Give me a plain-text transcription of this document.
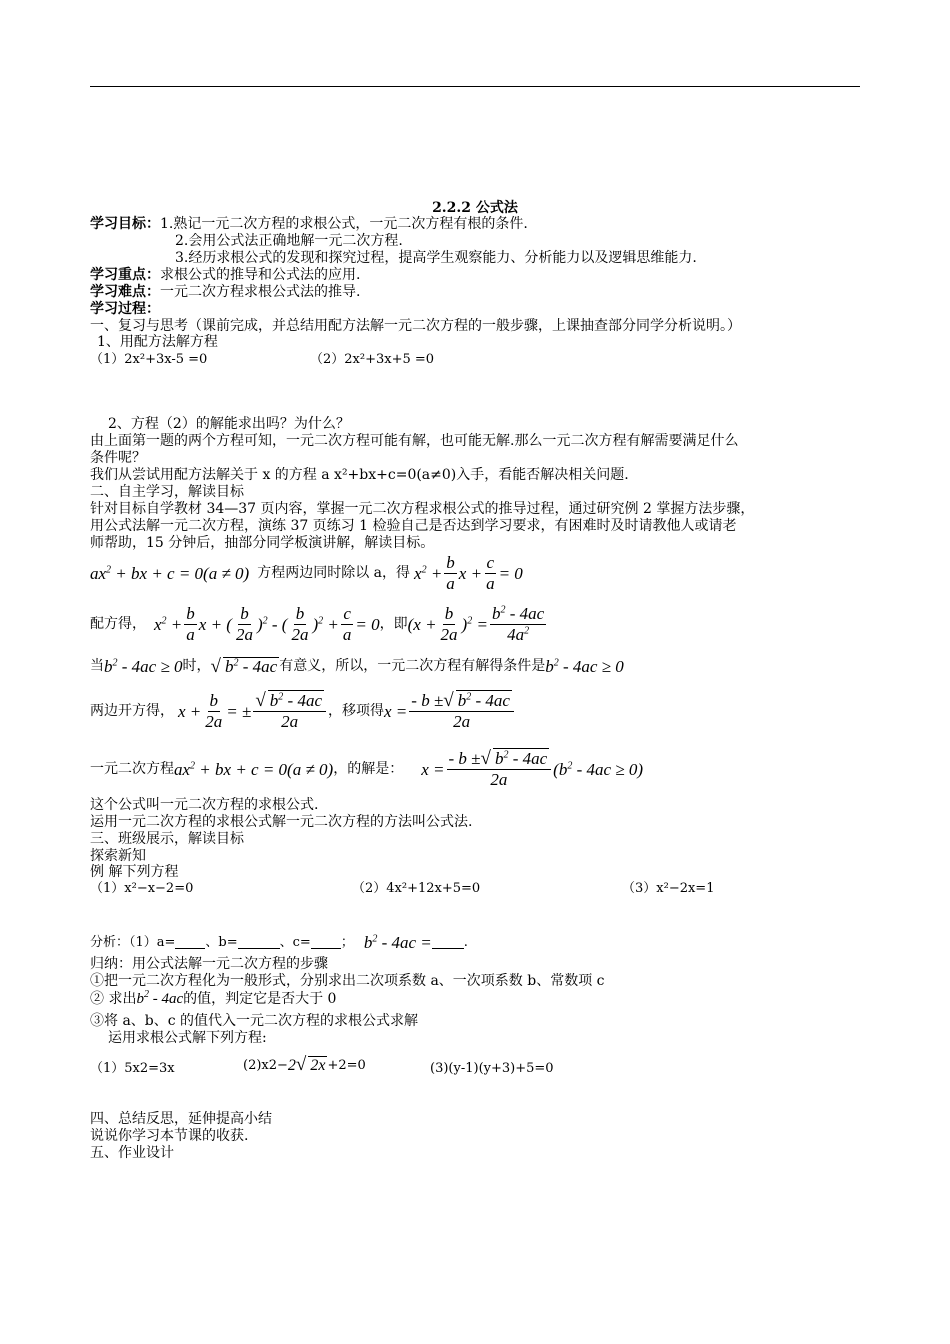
2.2.2 公式法
学习目标：1.熟记一元二次方程的求根公式，一元二次方程有根的条件.
2.会用公式法正确地解一元二次方程.
3.经历求根公式的发现和探究过程，提高学生观察能力、分析能力以及逻辑思维能力.
学习重点：求根公式的推导和公式法的应用.
学习难点：一元二次方程求根公式法的推导.
学习过程：
一、复习与思考（课前完成，并总结用配方法解一元二次方程的一般步骤，上课抽查部分同学分析说明。）
1、用配方法解方程
（1）2x²+3x-5 =0	（2）2x²+3x+5 =0
2、方程（2）的解能求出吗？为什么？
由上面第一题的两个方程可知，一元二次方程可能有解，也可能无解.那么一元二次方程有解需要满足什么
条件呢？
我们从尝试用配方法解关于 x 的方程 a x²+bx+c=0(a≠0)入手，看能否解决相关问题.
二、自主学习，解读目标
针对目标自学教材 34—37 页内容，掌握一元二次方程求根公式的推导过程，通过研究例 2 掌握方法步骤，
用公式法解一元二次方程，演练 37 页练习 1 检验自己是否达到学习要求，有困难时及时请教他人或请老
师帮助，15 分钟后，抽部分同学板演讲解，解读目标。
$ax^2$ + bx + c = 0(a ≠ 0) 方程两边同时除以 a，得 $x^2 + \frac{b}{a}$ $x + \frac{c}{a} = 0$
配方得， $x^2 + \frac{b}{a}$ x + ( $\frac{b}{2a} )^2$ - ( $\frac{b}{2a} )^2 + \frac{c}{a} = 0$ ，即 $(x + \frac{b}{2a} )^2 = \frac{b^2 - 4ac}{4a^2}$
当 $b^2 - 4ac \ge 0$ 时， √ $b^2 - 4ac$ 有意义，所以，一元二次方程有解得条件是 $b^2 - 4ac \ge 0$
两边开方得， $x + \frac{b}{2a}$ = ± $\frac{√ b^2 - 4ac}{2a}$ ，移项得 $x = \frac{- b \pm√ b^2 - 4ac}{2a}$
一元二次方程 $ax^2$ + bx + c = 0(a ≠ 0) ，的解是： $x = \frac{- b \pm√ b^2 - 4ac}{2a} (b^2 - 4ac \ge 0)$
这个公式叫一元二次方程的求根公式.
运用一元二次方程的求根公式解一元二次方程的方法叫公式法.
三、班级展示，解读目标
探索新知
例 解下列方程
（1）x²−x−2=0	（2）4x²+12x+5=0	（3）x²−2x=1
分析：（1）a= 、b=	、c= ； $b^2 - 4ac$ = .
归纳：用公式法解一元二次方程的步骤
①把一元二次方程化为一般形式，分别求出二次项系数 a、一次项系数 b、常数项 c
② 求出 $b^2 - 4ac$ 的值，判定它是否大于 0
③将 a、b、c 的值代入一元二次方程的求根公式求解
运用求根公式解下列方程:
（1）5x2=3x	(2)x2− 2√ 2x +2=0	(3)(y-1)(y+3)+5=0
四、总结反思，延伸提高小结
说说你学习本节课的收获.
五、作业设计
